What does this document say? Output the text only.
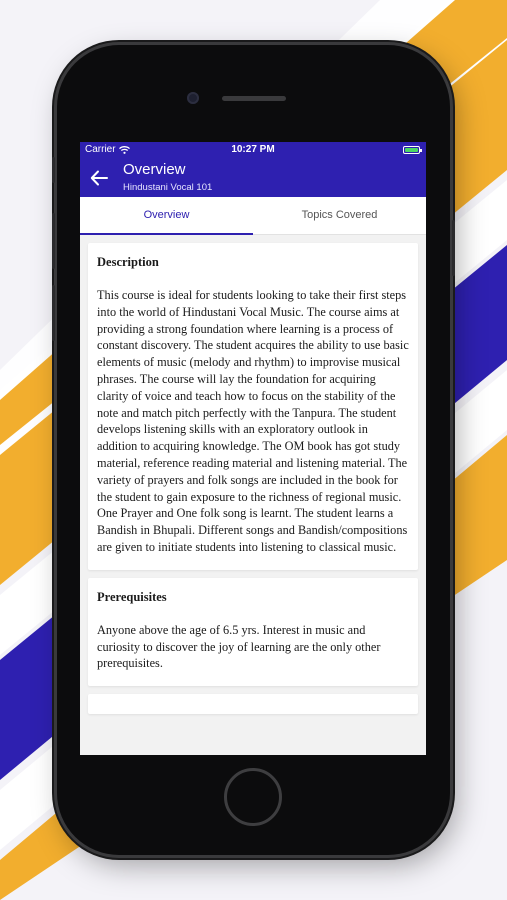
Carrier	10:27 PM
Overview
Hindustani Vocal 101
Overview	Topics Covered
Description

This course is ideal for students looking to take their first steps into the world of Hindustani Vocal Music. The course aims at providing a strong foundation where learning is a process of constant discovery. The student acquires the ability to use basic elements of music (melody and rhythm) to improvise musical phrases. The course will lay the foundation for acquiring clarity of voice and teach how to focus on the stability of the note and match pitch perfectly with the Tanpura. The student develops listening skills with an exploratory outlook in addition to acquiring knowledge. The OM book has got study material, reference reading material and listening material. The variety of prayers and folk songs are included in the book for the student to gain exposure to the richness of regional music. One Prayer and One folk song is learnt. The student learns a Bandish in Bhupali. Different songs and Bandish/compositions are given to initiate students into listening to classical music.

Prerequisites

Anyone above the age of 6.5 yrs. Interest in music and curiosity to discover the joy of learning are the only other prerequisites.
